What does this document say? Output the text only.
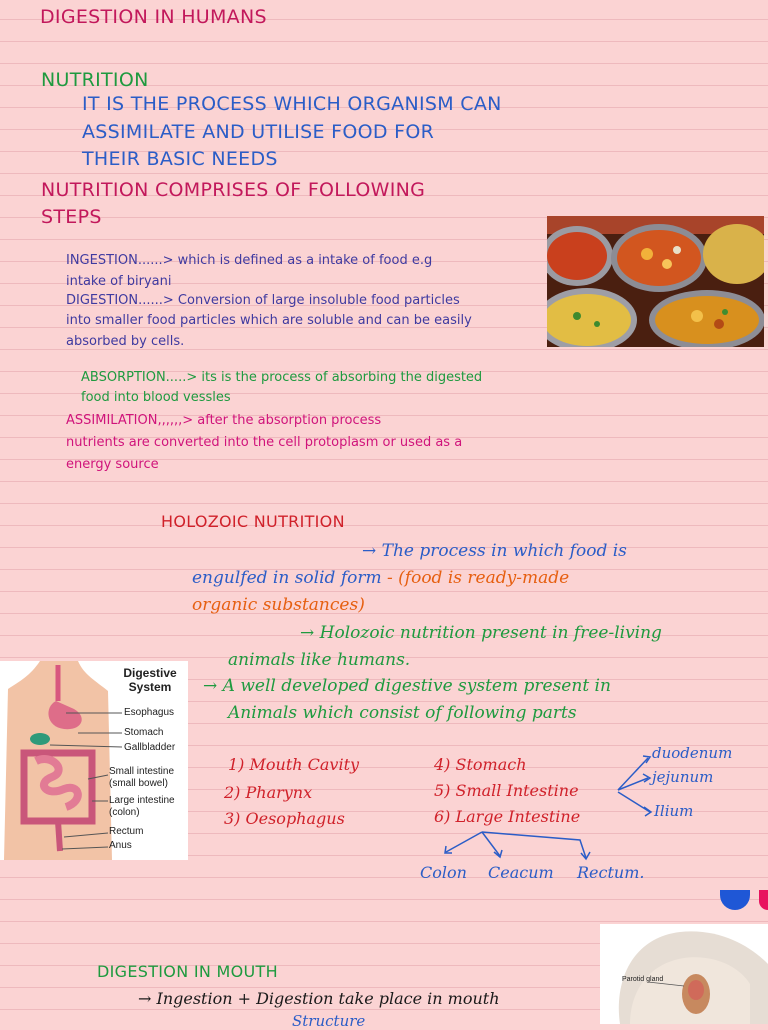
DIGESTION IN HUMANS
NUTRITION
IT IS THE PROCESS WHICH ORGANISM CAN
ASSIMILATE AND UTILISE FOOD FOR
THEIR BASIC NEEDS
NUTRITION COMPRISES OF FOLLOWING
STEPS
INGESTION......> which is defined as a intake of food e.g
intake of biryani
DIGESTION......> Conversion of large insoluble food particles
into smaller food particles which are soluble and can be easily
absorbed by cells.
ABSORPTION.....> its is the process of absorbing the digested
food into blood vessles
ASSIMILATION,,,,,,> after the absorption process
nutrients are converted into the cell protoplasm or used as a
energy source
HOLOZOIC NUTRITION
→ The process in which food is
engulfed in solid form - (food is ready-made
organic substances)
→ Holozoic nutrition present in free-living
animals like humans.
→ A well developed digestive system present in
Animals which consist of following parts
Digestive System
Esophagus
Stomach
Gallbladder
Small intestine
(small bowel)
Large intestine
(colon)
Rectum
Anus
1) Mouth Cavity
2) Pharynx
3) Oesophagus
4) Stomach
5) Small Intestine
6) Large Intestine
duodenum
jejunum
Ilium
Colon Ceacum Rectum.
DIGESTION IN MOUTH
→ Ingestion + Digestion take place in mouth
Structure
Parotid gland
